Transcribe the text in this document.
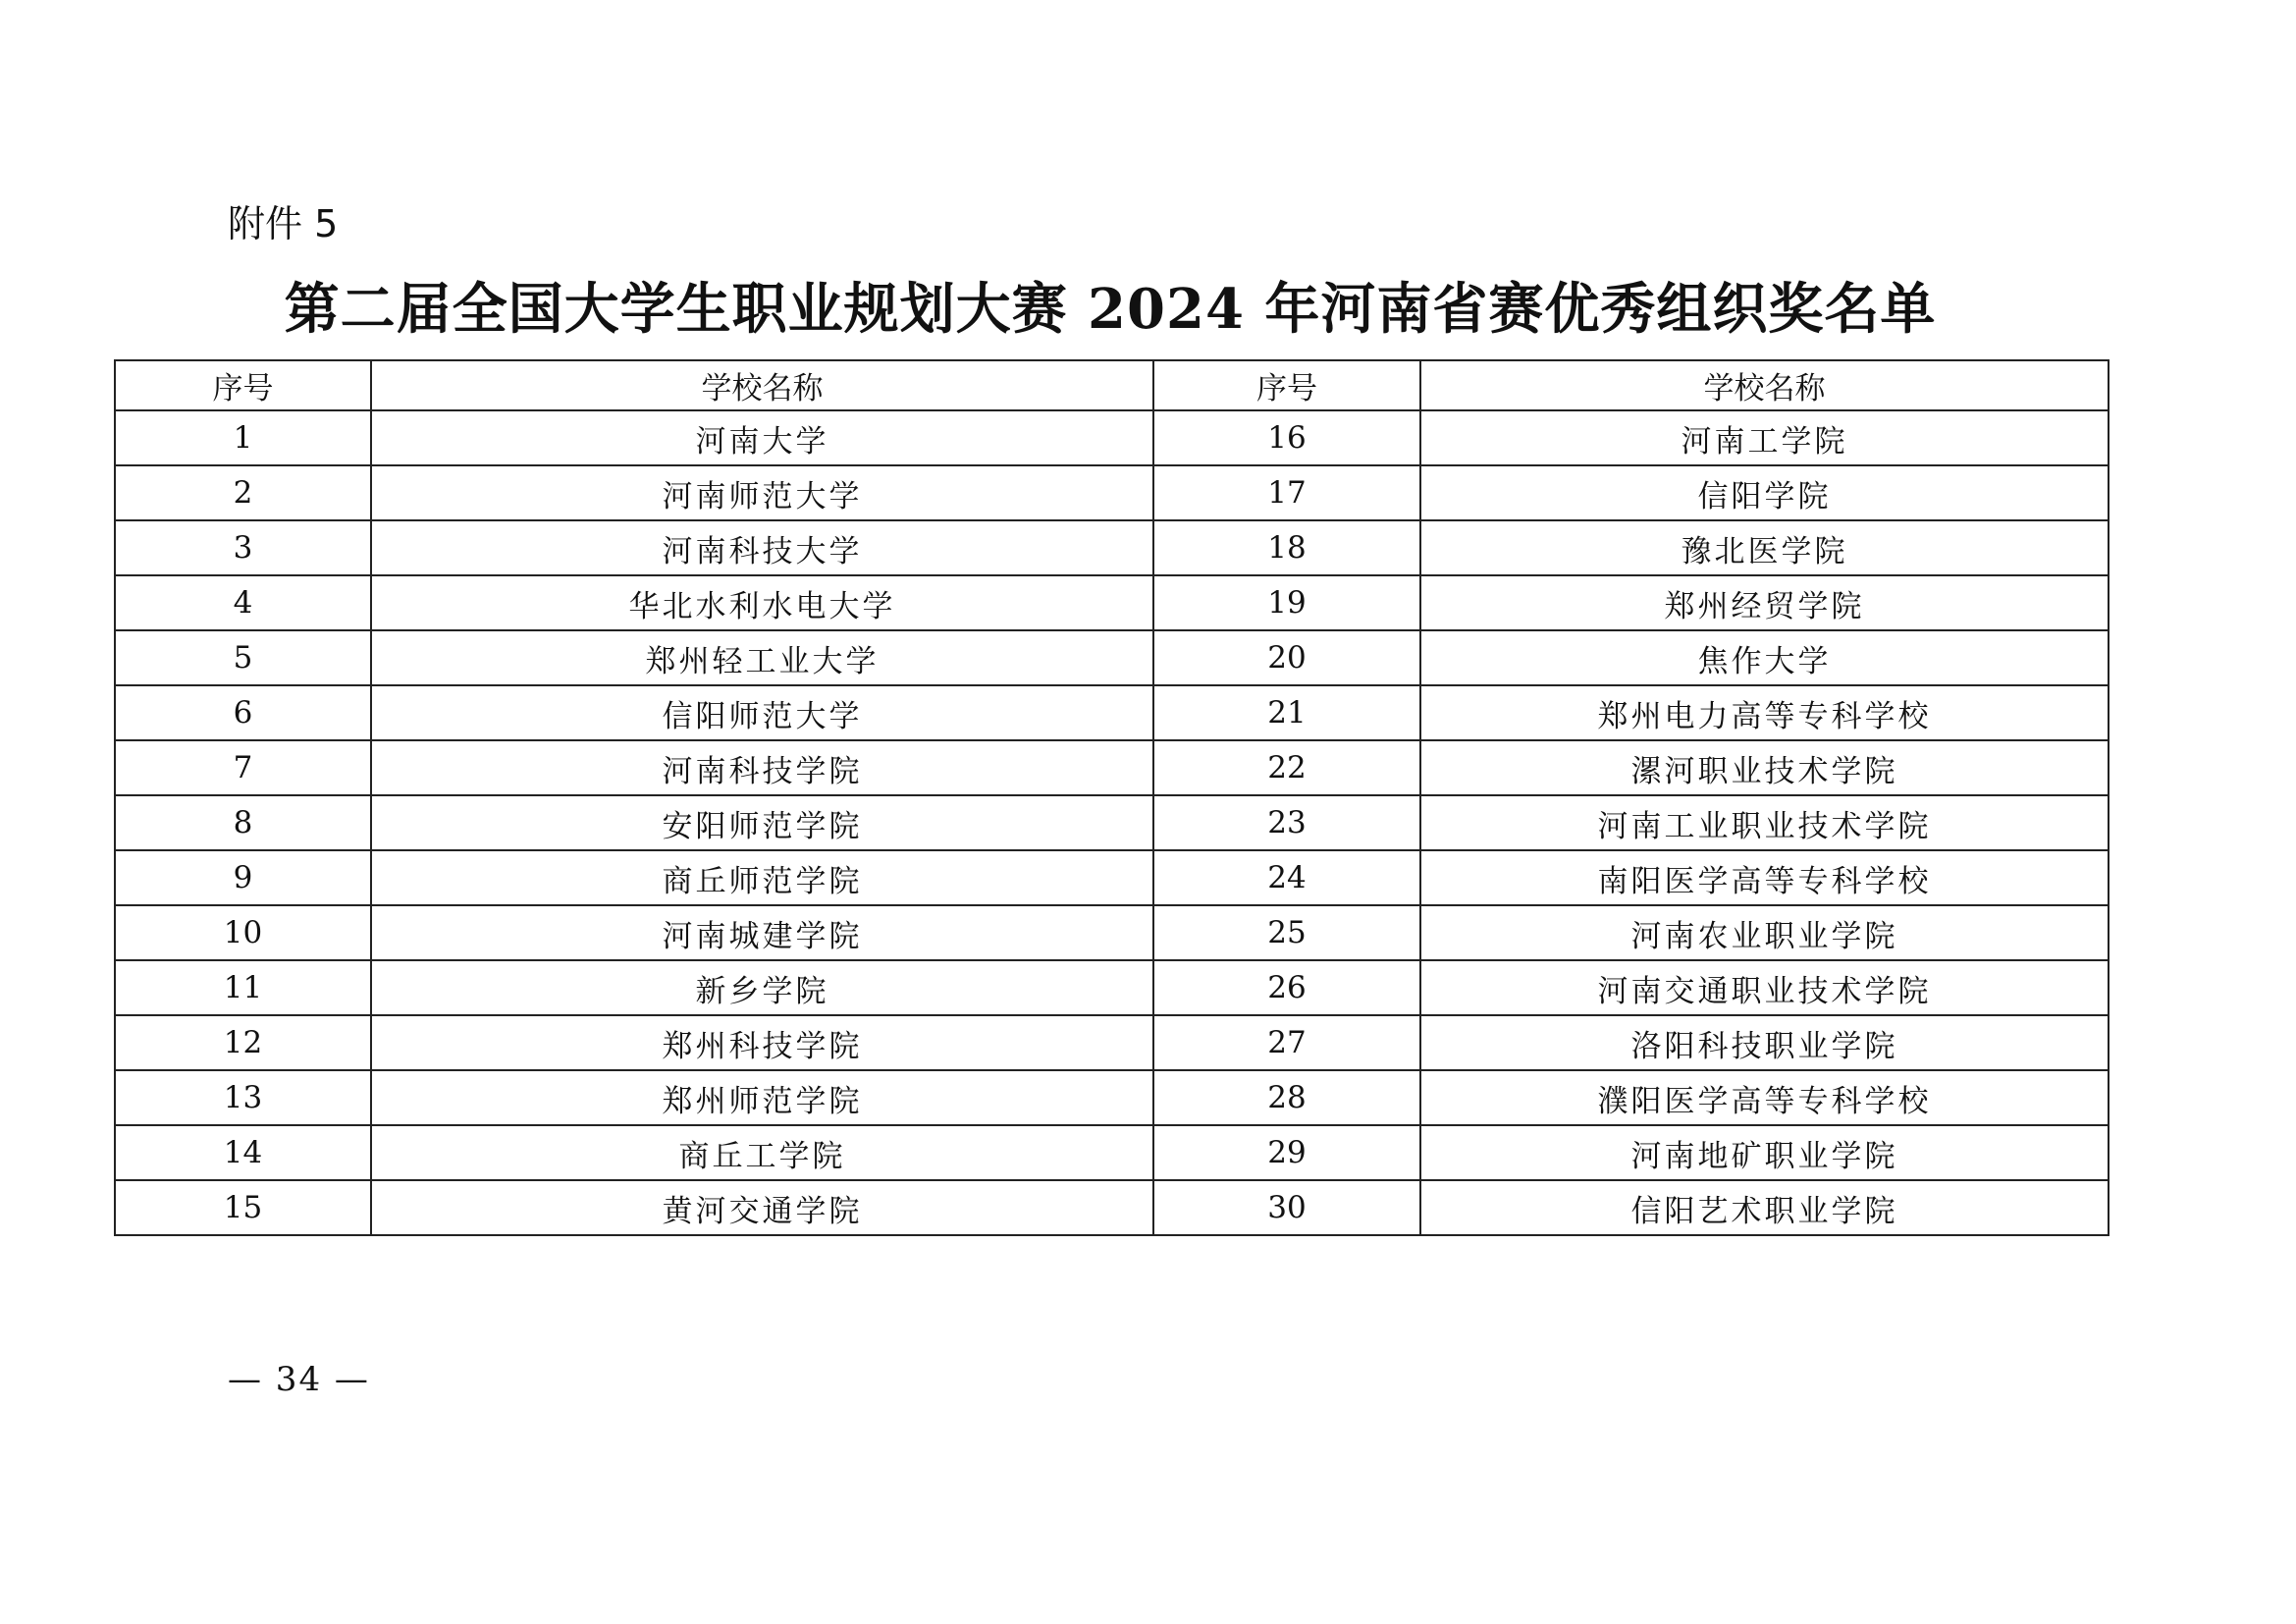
附件 5
第二届全国大学生职业规划大赛 2024 年河南省赛优秀组织奖名单
序号	学校名称	序号	学校名称
1	河南大学	16	河南工学院
2	河南师范大学	17	信阳学院
3	河南科技大学	18	豫北医学院
4	华北水利水电大学	19	郑州经贸学院
5	郑州轻工业大学	20	焦作大学
6	信阳师范大学	21	郑州电力高等专科学校
7	河南科技学院	22	漯河职业技术学院
8	安阳师范学院	23	河南工业职业技术学院
9	商丘师范学院	24	南阳医学高等专科学校
10	河南城建学院	25	河南农业职业学院
11	新乡学院	26	河南交通职业技术学院
12	郑州科技学院	27	洛阳科技职业学院
13	郑州师范学院	28	濮阳医学高等专科学校
14	商丘工学院	29	河南地矿职业学院
15	黄河交通学院	30	信阳艺术职业学院
— 34 —
